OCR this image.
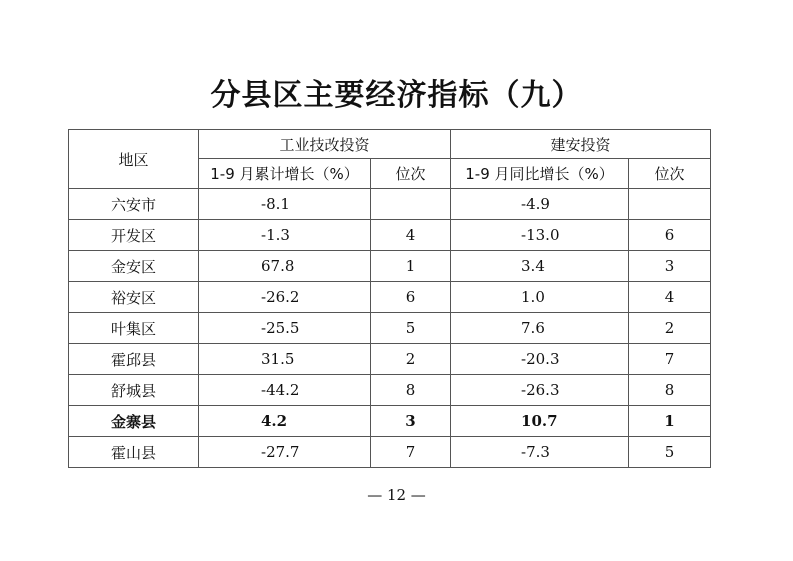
分县区主要经济指标（九）
地区	工业技改投资		建安投资	
	1-9 月累计增长（%）	位次	1-9 月同比增长（%）	位次
六安市	-8.1		-4.9	
开发区	-1.3	4	-13.0	6
金安区	67.8	1	3.4	3
裕安区	-26.2	6	1.0	4
叶集区	-25.5	5	7.6	2
霍邱县	31.5	2	-20.3	7
舒城县	-44.2	8	-26.3	8
金寨县	4.2	3	10.7	1
霍山县	-27.7	7	-7.3	5
— 12 —
